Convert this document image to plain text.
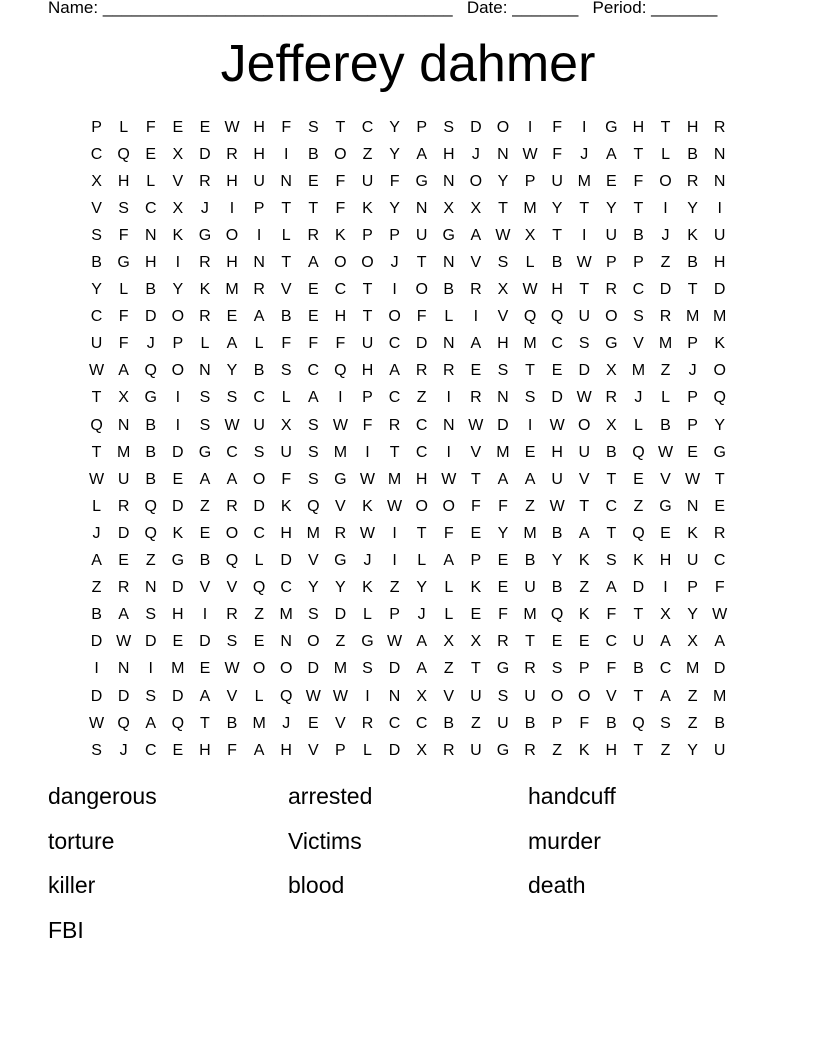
Name: _____________________________________ Date: _______ Period: _______
Jefferey dahmer
P	L	F	E	E W H	F	S	T	C Y	P	S D O	I	F	I	G H	T	H R
C Q E	X D R H	I	B O Z	Y	A H	J	N W F	J	A	T	L	B N
X H	L	V R H U N E	F	U	F G N O Y	P U M E	F O R N
V	S C X	J	I	P	T	T	F	K	Y N X	X	T M Y	T	Y	T	I	Y	I
S	F	N K G O	I	L	R K	P	P U G A W X	T	I	U B	J	K U
B G H	I	R H N	T	A O O	J	T	N V	S	L	B W P	P	Z	B H
Y	L	B	Y	K M R V	E C	T	I	O B R X W H	T	R C D	T	D
C	F	D O R E	A	B	E H	T O F	L	I	V Q Q U O S R M M
U	F	J	P	L	A	L	F	F	F	U C D N A H M C S G V M P	K
W A Q O N Y	B	S C Q H A R R E	S	T	E D X M Z	J	O
T	X G	I	S	S C	L	A	I	P C	Z	I	R N S D W R	J	L	P Q
Q N B	I	S W U X	S W F	R C N W D	I	W O X	L	B	P	Y
T M B D G C S U S M	I	T	C	I	V M E H U B Q W E G
W U B	E	A	A O F	S G W M H W T	A	A U V	T	E	V W T
L	R Q D	Z	R D K Q V	K W O O F	F	Z W T	C	Z G N E
J	D Q K	E O C H M R W	I	T	F	E	Y M B	A	T Q E	K R
A	E	Z G B Q	L	D V G	J	I	L	A	P	E	B	Y	K	S	K H U C
Z	R N D V	V Q C Y	Y	K	Z	Y	L	K	E U B	Z	A D	I	P	F
B	A	S H	I	R	Z M S D	L	P	J	L	E	F M Q K	F	T	X	Y W
D W D E D S	E N O Z G W A	X	X R	T	E	E C U A	X	A
I	N	I	M E W O O D M S D A	Z	T G R S	P	F	B C M D
D D S D A	V	L	Q W W	I	N X	V U S U O O V	T	A	Z M
W Q A Q T	B M	J	E	V R C C B	Z	U B	P	F	B Q S	Z	B
S	J	C E H	F	A H V	P	L	D X R U G R	Z	K H	T	Z	Y U
dangerous	arrested	handcuff
torture	Victims	murder
killer	blood	death
FBI
